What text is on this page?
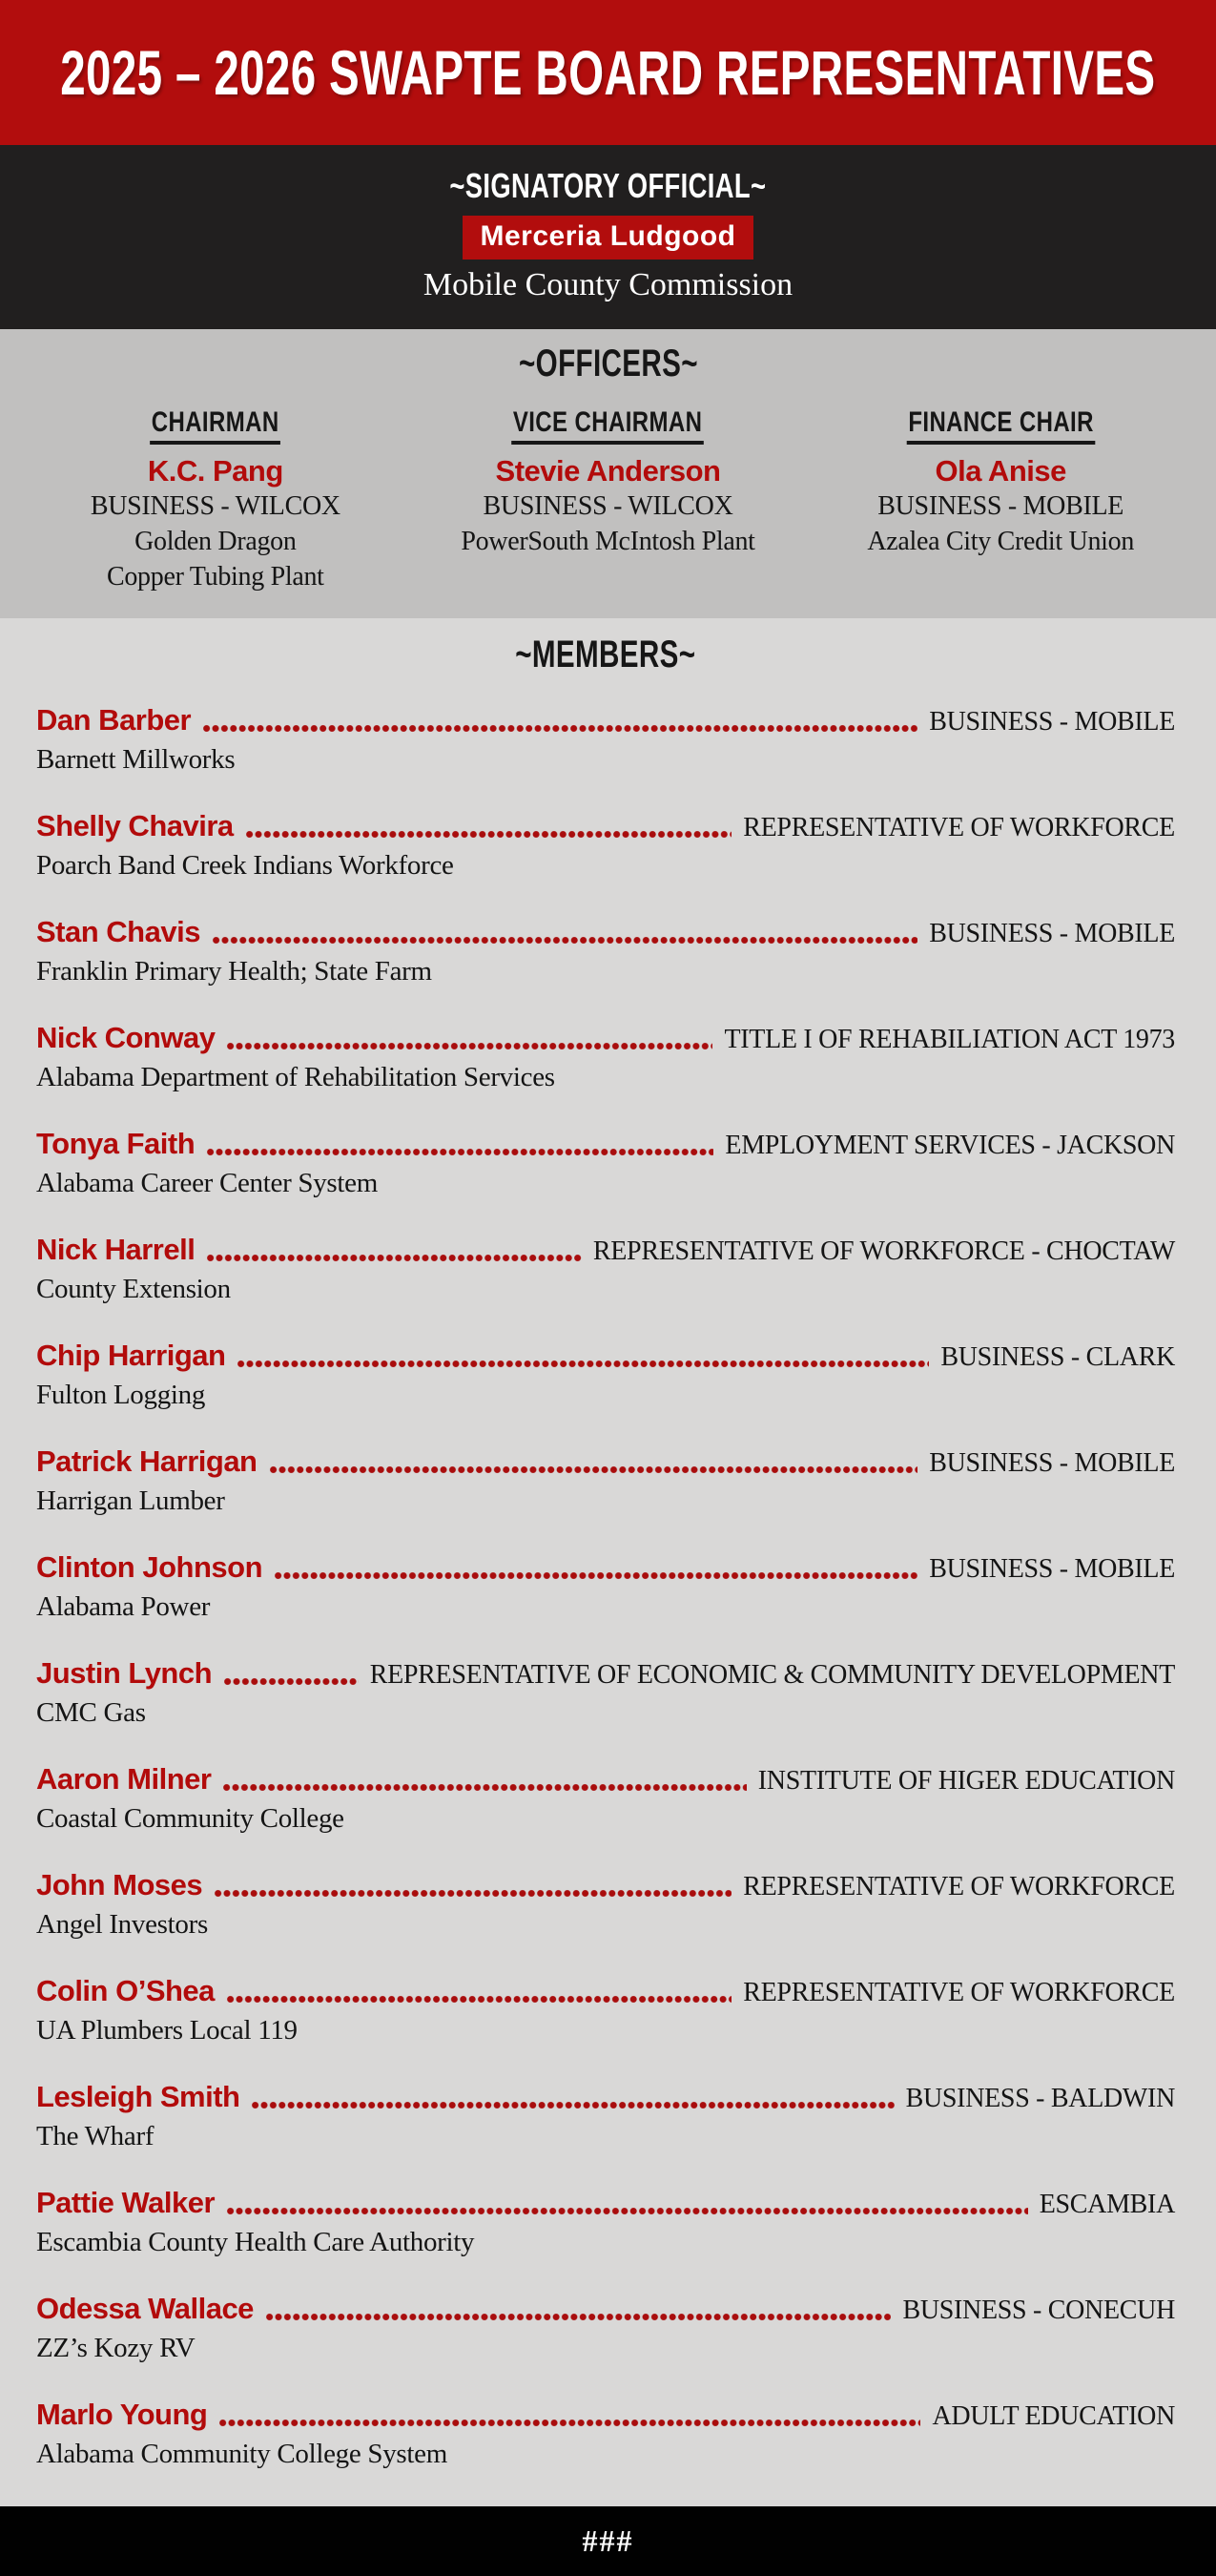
2025 – 2026 SWAPTE BOARD REPRESENTATIVES
~SIGNATORY OFFICIAL~
Merceria Ludgood
Mobile County Commission
~OFFICERS~
CHAIRMAN
K.C. Pang
BUSINESS - WILCOX
Golden Dragon
Copper Tubing Plant
VICE CHAIRMAN
Stevie Anderson
BUSINESS - WILCOX
PowerSouth McIntosh Plant
FINANCE CHAIR
Ola Anise
BUSINESS - MOBILE
Azalea City Credit Union
~MEMBERS~
Dan Barber	BUSINESS - MOBILE
Barnett Millworks
Shelly Chavira	REPRESENTATIVE OF WORKFORCE
Poarch Band Creek Indians Workforce
Stan Chavis	BUSINESS - MOBILE
Franklin Primary Health; State Farm
Nick Conway	TITLE I OF REHABILIATION ACT 1973
Alabama Department of Rehabilitation Services
Tonya Faith	EMPLOYMENT SERVICES - JACKSON
Alabama Career Center System
Nick Harrell	REPRESENTATIVE OF WORKFORCE - CHOCTAW
County Extension
Chip Harrigan	BUSINESS - CLARK
Fulton Logging
Patrick Harrigan	BUSINESS - MOBILE
Harrigan Lumber
Clinton Johnson	BUSINESS - MOBILE
Alabama Power
Justin Lynch	REPRESENTATIVE OF ECONOMIC & COMMUNITY DEVELOPMENT
CMC Gas
Aaron Milner	INSTITUTE OF HIGER EDUCATION
Coastal Community College
John Moses	REPRESENTATIVE OF WORKFORCE
Angel Investors
Colin O’Shea	REPRESENTATIVE OF WORKFORCE
UA Plumbers Local 119
Lesleigh Smith	BUSINESS - BALDWIN
The Wharf
Pattie Walker	ESCAMBIA
Escambia County Health Care Authority
Odessa Wallace	BUSINESS - CONECUH
ZZ’s Kozy RV
Marlo Young	ADULT EDUCATION
Alabama Community College System
###
